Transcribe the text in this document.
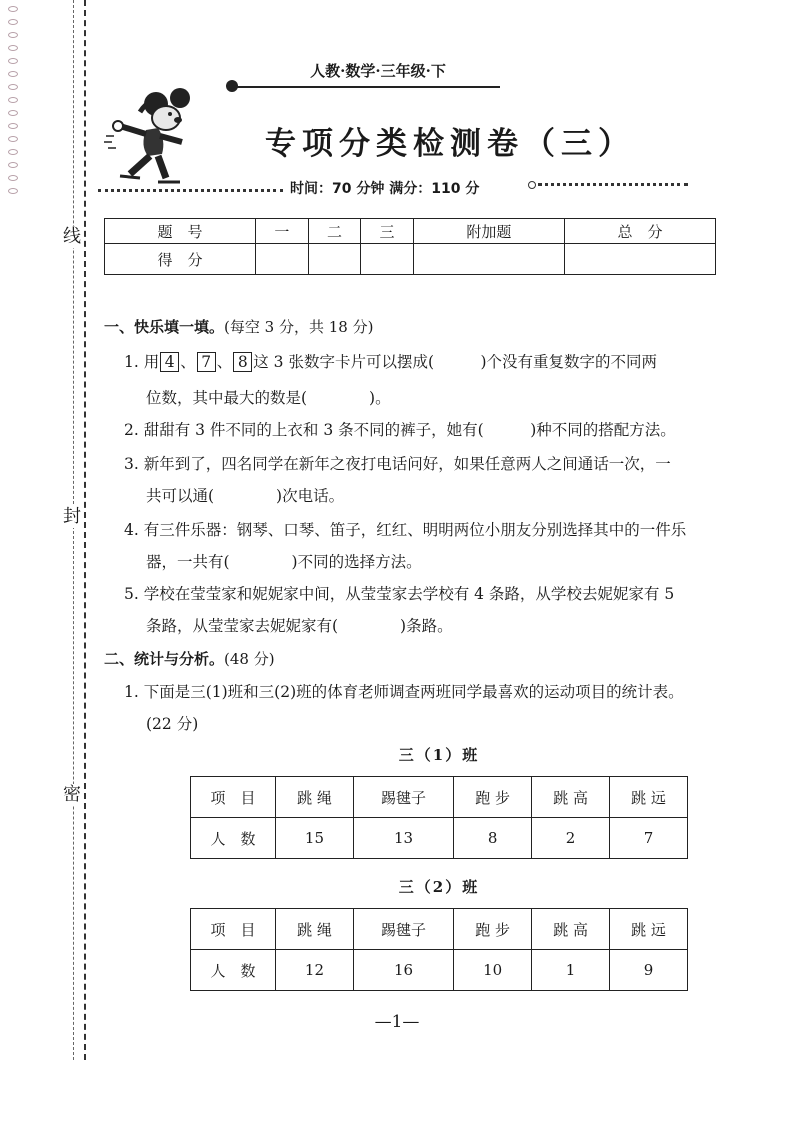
线
封
密
人教·数学·三年级·下
专项分类检测卷（三）
时间：70 分钟 满分：110 分
题　号	一	二	三	附加题	总　分
得　分					
一、快乐填一填。(每空 3 分，共 18 分)
1. 用 4 、 7 、 8 这 3 张数字卡片可以摆成(　　　)个没有重复数字的不同两
位数，其中最大的数是(　　　　)。
2. 甜甜有 3 件不同的上衣和 3 条不同的裤子，她有(　　　)种不同的搭配方法。
3. 新年到了，四名同学在新年之夜打电话问好，如果任意两人之间通话一次，一
共可以通(　　　　)次电话。
4. 有三件乐器：钢琴、口琴、笛子，红红、明明两位小朋友分别选择其中的一件乐
器，一共有(　　　　)不同的选择方法。
5. 学校在莹莹家和妮妮家中间，从莹莹家去学校有 4 条路，从学校去妮妮家有 5
条路，从莹莹家去妮妮家有(　　　　)条路。
二、统计与分析。(48 分)
1. 下面是三(1)班和三(2)班的体育老师调查两班同学最喜欢的运动项目的统计表。
(22 分)
三（1）班
项　目	跳 绳	踢毽子	跑 步	跳 高	跳 远
人　数	15	13	8	2	7
三（2）班
项　目	跳 绳	踢毽子	跑 步	跳 高	跳 远
人　数	12	16	10	1	9
—1—
